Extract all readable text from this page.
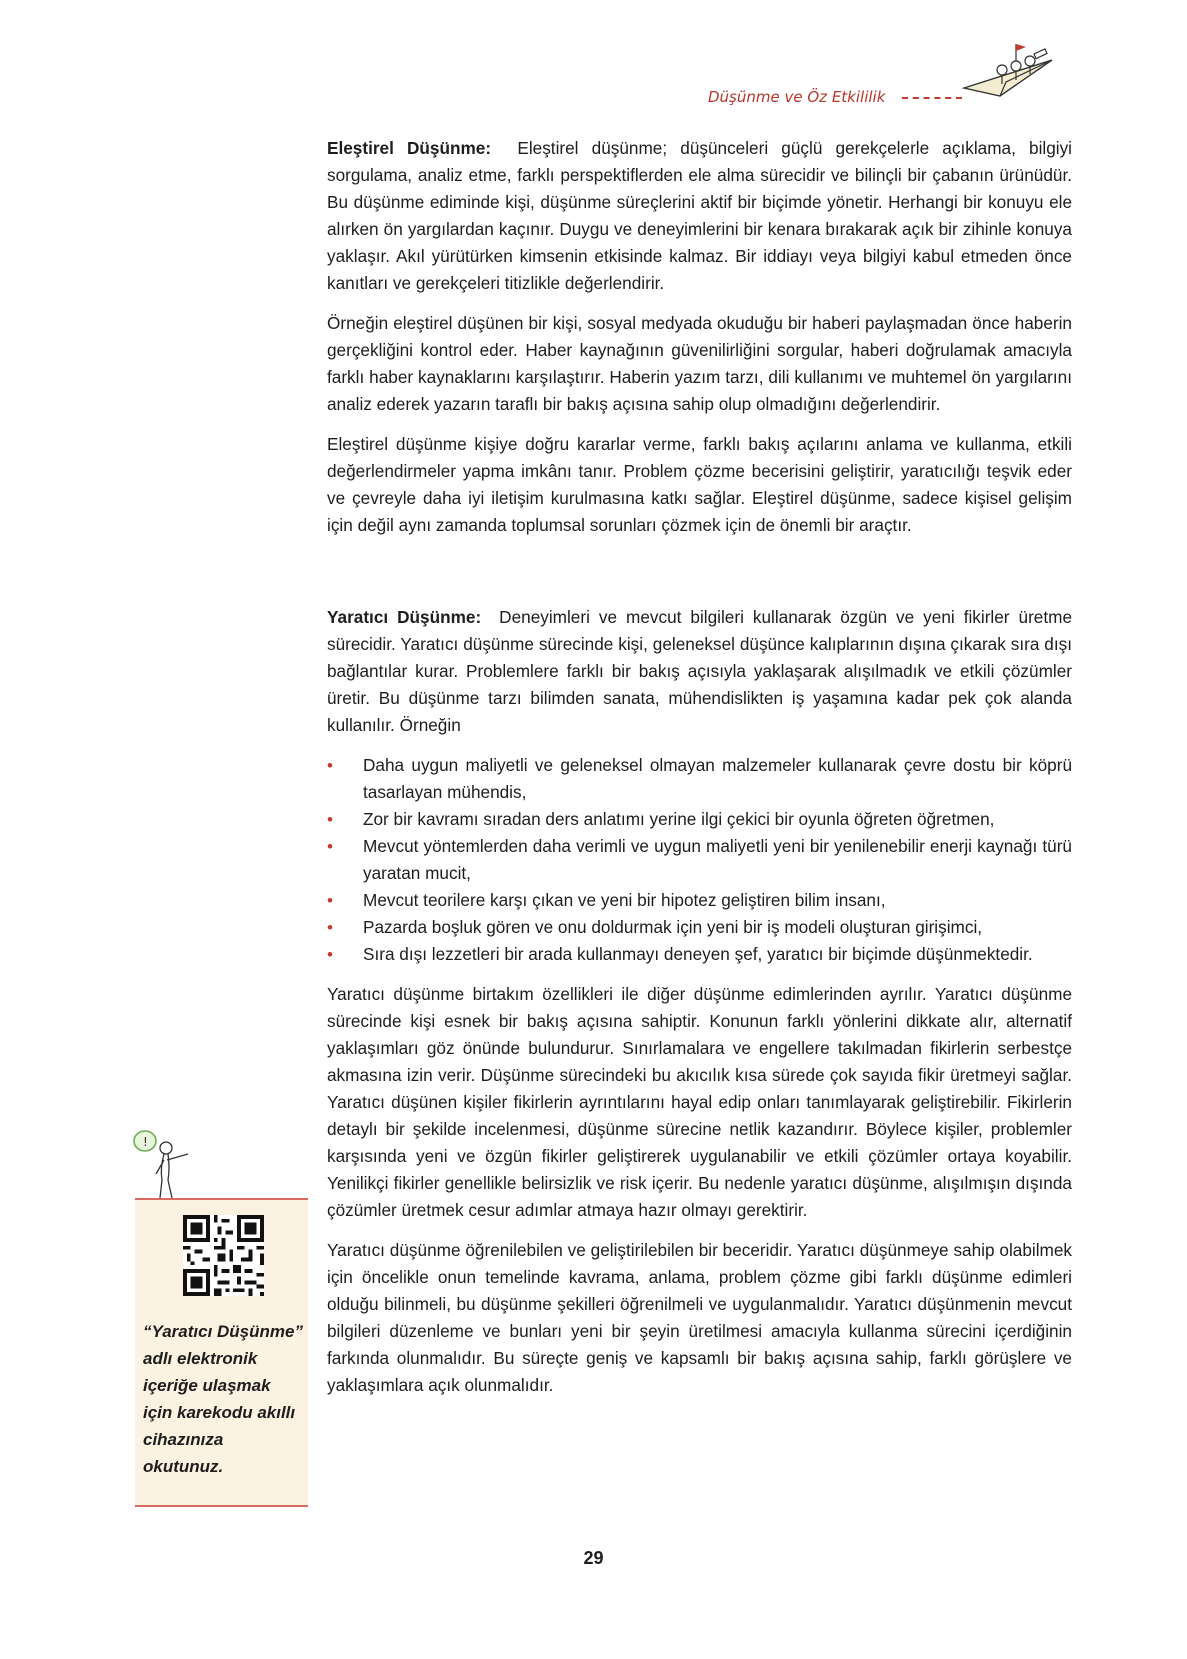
Düşünme ve Öz Etkililik

Eleştirel Düşünme: Eleştirel düşünme; düşünceleri güçlü gerekçelerle açıklama, bilgiyi sorgulama, analiz etme, farklı perspektiflerden ele alma sürecidir ve bilinçli bir çabanın ürünüdür. Bu düşünme ediminde kişi, düşünme süreçlerini aktif bir biçimde yönetir. Herhangi bir konuyu ele alırken ön yargılardan kaçınır. Duygu ve deneyimlerini bir kenara bırakarak açık bir zihinle konuya yaklaşır. Akıl yürütürken kimsenin etkisinde kalmaz. Bir iddiayı veya bilgiyi kabul etmeden önce kanıtları ve gerekçeleri titizlikle değerlendirir.

Örneğin eleştirel düşünen bir kişi, sosyal medyada okuduğu bir haberi paylaşmadan önce haberin gerçekliğini kontrol eder. Haber kaynağının güvenilirliğini sorgular, haberi doğrulamak amacıyla farklı haber kaynaklarını karşılaştırır. Haberin yazım tarzı, dili kullanımı ve muhtemel ön yargılarını analiz ederek yazarın taraflı bir bakış açısına sahip olup olmadığını değerlendirir.

Eleştirel düşünme kişiye doğru kararlar verme, farklı bakış açılarını anlama ve kullanma, etkili değerlendirmeler yapma imkânı tanır. Problem çözme becerisini geliştirir, yaratıcılığı teşvik eder ve çevreyle daha iyi iletişim kurulmasına katkı sağlar. Eleştirel düşünme, sadece kişisel gelişim için değil aynı zamanda toplumsal sorunları çözmek için de önemli bir araçtır.

Yaratıcı Düşünme: Deneyimleri ve mevcut bilgileri kullanarak özgün ve yeni fikirler üretme sürecidir. Yaratıcı düşünme sürecinde kişi, geleneksel düşünce kalıplarının dışına çıkarak sıra dışı bağlantılar kurar. Problemlere farklı bir bakış açısıyla yaklaşarak alışılmadık ve etkili çözümler üretir. Bu düşünme tarzı bilimden sanata, mühendislikten iş yaşamına kadar pek çok alanda kullanılır. Örneğin

• Daha uygun maliyetli ve geleneksel olmayan malzemeler kullanarak çevre dostu bir köprü tasarlayan mühendis,
• Zor bir kavramı sıradan ders anlatımı yerine ilgi çekici bir oyunla öğreten öğretmen,
• Mevcut yöntemlerden daha verimli ve uygun maliyetli yeni bir yenilenebilir enerji kaynağı türü yaratan mucit,
• Mevcut teorilere karşı çıkan ve yeni bir hipotez geliştiren bilim insanı,
• Pazarda boşluk gören ve onu doldurmak için yeni bir iş modeli oluşturan girişimci,
• Sıra dışı lezzetleri bir arada kullanmayı deneyen şef, yaratıcı bir biçimde düşünmektedir.

Yaratıcı düşünme birtakım özellikleri ile diğer düşünme edimlerinden ayrılır. Yaratıcı düşünme sürecinde kişi esnek bir bakış açısına sahiptir. Konunun farklı yönlerini dikkate alır, alternatif yaklaşımları göz önünde bulundurur. Sınırlamalara ve engellere takılmadan fikirlerin serbestçe akmasına izin verir. Düşünme sürecindeki bu akıcılık kısa sürede çok sayıda fikir üretmeyi sağlar. Yaratıcı düşünen kişiler fikirlerin ayrıntılarını hayal edip onları tanımlayarak geliştirebilir. Fikirlerin detaylı bir şekilde incelenmesi, düşünme sürecine netlik kazandırır. Böylece kişiler, problemler karşısında yeni ve özgün fikirler geliştirerek uygulanabilir ve etkili çözümler ortaya koyabilir. Yenilikçi fikirler genellikle belirsizlik ve risk içerir. Bu nedenle yaratıcı düşünme, alışılmışın dışında çözümler üretmek cesur adımlar atmaya hazır olmayı gerektirir.

Yaratıcı düşünme öğrenilebilen ve geliştirilebilen bir beceridir. Yaratıcı düşünmeye sahip olabilmek için öncelikle onun temelinde kavrama, anlama, problem çözme gibi farklı düşünme edimleri olduğu bilinmeli, bu düşünme şekilleri öğrenilmeli ve uygulanmalıdır. Yaratıcı düşünmenin mevcut bilgileri düzenleme ve bunları yeni bir şeyin üretilmesi amacıyla kullanma sürecini içerdiğinin farkında olunmalıdır. Bu süreçte geniş ve kapsamlı bir bakış açısına sahip, farklı görüşlere ve yaklaşımlara açık olunmalıdır.

!
“Yaratıcı Düşünme” adlı elektronik içeriğe ulaşmak için karekodu akıllı cihazınıza okutunuz.
29
